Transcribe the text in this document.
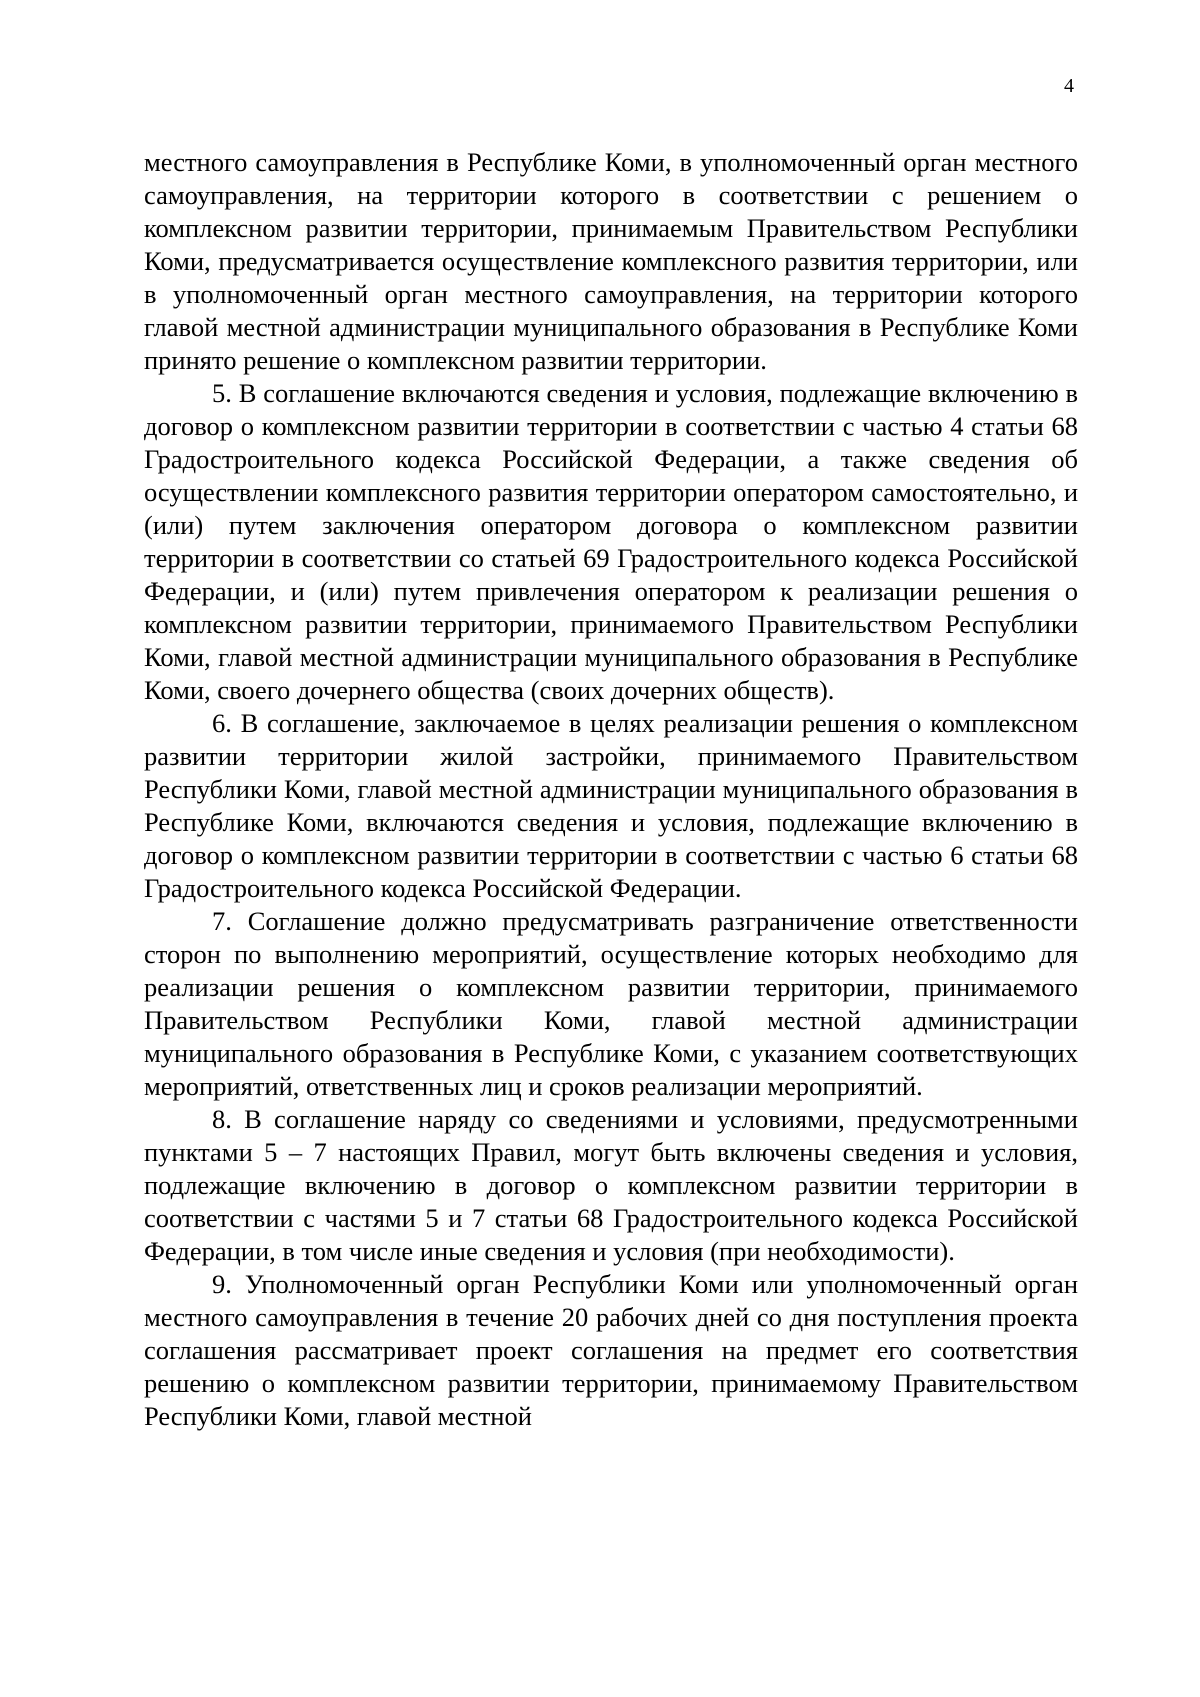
4

местного самоуправления в Республике Коми, в уполномоченный орган местного самоуправления, на территории которого в соответствии с решением о комплексном развитии территории, принимаемым Правительством Республики Коми, предусматривается осуществление комплексного развития территории, или в уполномоченный орган местного самоуправления, на территории которого главой местной администрации муниципального образования в Республике Коми принято решение о комплексном развитии территории.

5. В соглашение включаются сведения и условия, подлежащие включению в договор о комплексном развитии территории в соответствии с частью 4 статьи 68 Градостроительного кодекса Российской Федерации, а также сведения об осуществлении комплексного развития территории оператором самостоятельно, и (или) путем заключения оператором договора о комплексном развитии территории в соответствии со статьей 69 Градостроительного кодекса Российской Федерации, и (или) путем привлечения оператором к реализации решения о комплексном развитии территории, принимаемого Правительством Республики Коми, главой местной администрации муниципального образования в Республике Коми, своего дочернего общества (своих дочерних обществ).

6. В соглашение, заключаемое в целях реализации решения о комплексном развитии территории жилой застройки, принимаемого Правительством Республики Коми, главой местной администрации муниципального образования в Республике Коми, включаются сведения и условия, подлежащие включению в договор о комплексном развитии территории в соответствии с частью 6 статьи 68 Градостроительного кодекса Российской Федерации.

7. Соглашение должно предусматривать разграничение ответственности сторон по выполнению мероприятий, осуществление которых необходимо для реализации решения о комплексном развитии территории, принимаемого Правительством Республики Коми, главой местной администрации муниципального образования в Республике Коми, с указанием соответствующих мероприятий, ответственных лиц и сроков реализации мероприятий.

8. В соглашение наряду со сведениями и условиями, предусмотренными пунктами 5 – 7 настоящих Правил, могут быть включены сведения и условия, подлежащие включению в договор о комплексном развитии территории в соответствии с частями 5 и 7 статьи 68 Градостроительного кодекса Российской Федерации, в том числе иные сведения и условия (при необходимости).

9. Уполномоченный орган Республики Коми или уполномоченный орган местного самоуправления в течение 20 рабочих дней со дня поступления проекта соглашения рассматривает проект соглашения на предмет его соответствия решению о комплексном развитии территории, принимаемому Правительством Республики Коми, главой местной
